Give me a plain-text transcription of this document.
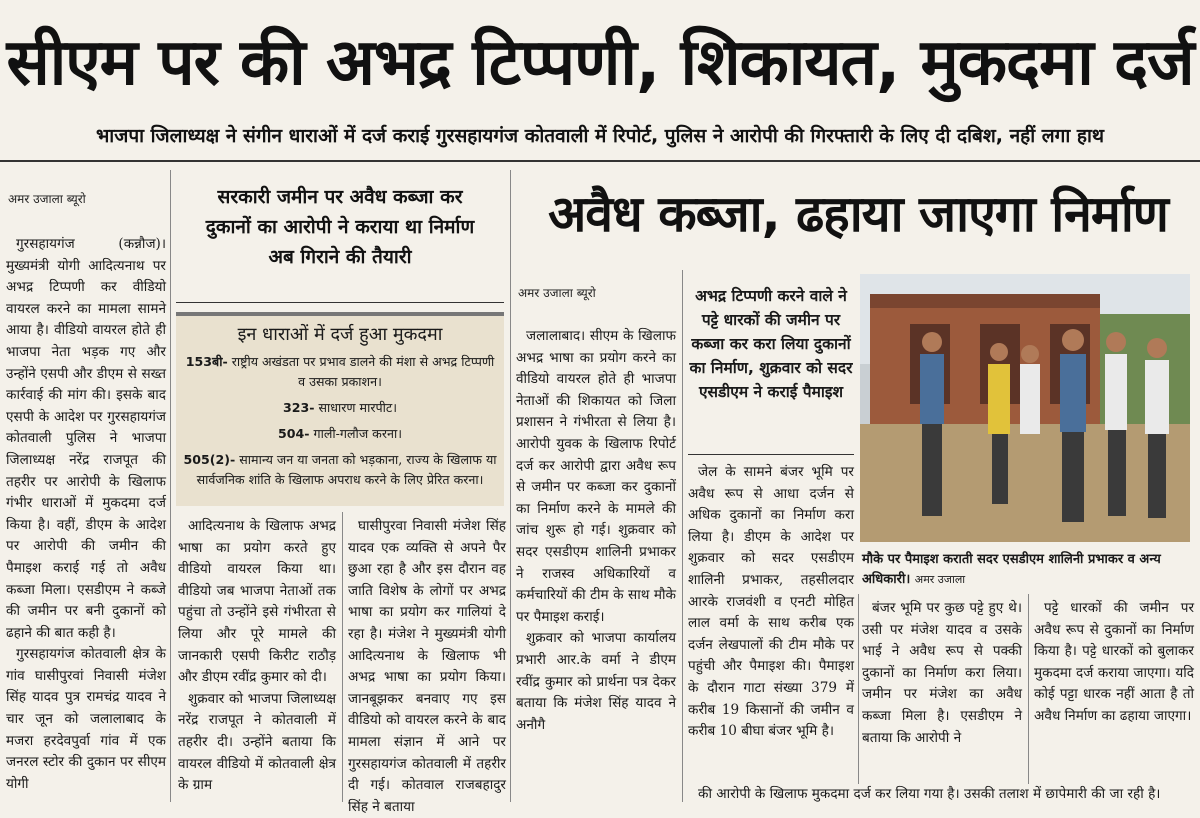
सीएम पर की अभद्र टिप्पणी, शिकायत, मुकदमा दर्ज
भाजपा जिलाध्यक्ष ने संगीन धाराओं में दर्ज कराई गुरसहायगंज कोतवाली में रिपोर्ट, पुलिस ने आरोपी की गिरफ्तारी के लिए दी दबिश, नहीं लगा हाथ
अमर उजाला ब्यूरो

गुरसहायगंज (कन्नौज)। मुख्यमंत्री योगी आदित्यनाथ पर अभद्र टिप्पणी कर वीडियो वायरल करने का मामला सामने आया है। वीडियो वायरल होते ही भाजपा नेता भड़क गए और उन्होंने एसपी और डीएम से सख्त कार्रवाई की मांग की। इसके बाद एसपी के आदेश पर गुरसहायगंज कोतवाली पुलिस ने भाजपा जिलाध्यक्ष नरेंद्र राजपूत की तहरीर पर आरोपी के खिलाफ गंभीर धाराओं में मुकदमा दर्ज किया है। वहीं, डीएम के आदेश पर आरोपी की जमीन की पैमाइश कराई गई तो अवैध कब्जा मिला। एसडीएम ने कब्जे की जमीन पर बनी दुकानों को ढहाने की बात कही है।

गुरसहायगंज कोतवाली क्षेत्र के गांव घासीपुरवां निवासी मंजेश सिंह यादव पुत्र रामचंद्र यादव ने चार जून को जलालाबाद के मजरा हरदेवपुर्वा गांव में एक जनरल स्टोर की दुकान पर सीएम योगी

सरकारी जमीन पर अवैध कब्जा कर
दुकानों का आरोपी ने कराया था निर्माण
अब गिराने की तैयारी
इन धाराओं में दर्ज हुआ मुकदमा
153बी- राष्ट्रीय अखंडता पर प्रभाव डालने की मंशा से अभद्र टिप्पणी व उसका प्रकाशन।
323- साधारण मारपीट।
504- गाली-गलौज करना।
505(2)- सामान्य जन या जनता को भड़काना, राज्य के खिलाफ या सार्वजनिक शांति के खिलाफ अपराध करने के लिए प्रेरित करना।

आदित्यनाथ के खिलाफ अभद्र भाषा का प्रयोग करते हुए वीडियो वायरल किया था। वीडियो जब भाजपा नेताओं तक पहुंचा तो उन्होंने इसे गंभीरता से लिया और पूरे मामले की जानकारी एसपी किरीट राठौड़ और डीएम रवींद्र कुमार को दी।

शुक्रवार को भाजपा जिलाध्यक्ष नरेंद्र राजपूत ने कोतवाली में तहरीर दी। उन्होंने बताया कि वायरल वीडियो में कोतवाली क्षेत्र के ग्राम

घासीपुरवा निवासी मंजेश सिंह यादव एक व्यक्ति से अपने पैर छुआ रहा है और इस दौरान वह जाति विशेष के लोगों पर अभद्र भाषा का प्रयोग कर गालियां दे रहा है। मंजेश ने मुख्यमंत्री योगी आदित्यनाथ के खिलाफ भी अभद्र भाषा का प्रयोग किया। जानबूझकर बनवाए गए इस वीडियो को वायरल करने के बाद मामला संज्ञान में आने पर गुरसहायगंज कोतवाली में तहरीर दी गई। कोतवाल राजबहादुर सिंह ने बताया

अवैध कब्जा, ढहाया जाएगा निर्माण
अमर उजाला ब्यूरो

जलालाबाद। सीएम के खिलाफ अभद्र भाषा का प्रयोग करने का वीडियो वायरल होते ही भाजपा नेताओं की शिकायत को जिला प्रशासन ने गंभीरता से लिया है। आरोपी युवक के खिलाफ रिपोर्ट दर्ज कर आरोपी द्वारा अवैध रूप से जमीन पर कब्जा कर दुकानों का निर्माण करने के मामले की जांच शुरू हो गई। शुक्रवार को सदर एसडीएम शालिनी प्रभाकर ने राजस्व अधिकारियों व कर्मचारियों की टीम के साथ मौके पर पैमाइश कराई।

शुक्रवार को भाजपा कार्यालय प्रभारी आर.के वर्मा ने डीएम रवींद्र कुमार को प्रार्थना पत्र देकर बताया कि मंजेश सिंह यादव ने अनौगै

अभद्र टिप्पणी करने वाले ने पट्टे धारकों की जमीन पर कब्जा कर करा लिया दुकानों का निर्माण, शुक्रवार को सदर एसडीएम ने कराई पैमाइश
मौके पर पैमाइश कराती सदर एसडीएम शालिनी प्रभाकर व अन्य अधिकारी। अमर उजाला

जेल के सामने बंजर भूमि पर अवैध रूप से आधा दर्जन से अधिक दुकानों का निर्माण करा लिया है। डीएम के आदेश पर शुक्रवार को सदर एसडीएम शालिनी प्रभाकर, तहसीलदार आरके राजवंशी व एनटी मोहित लाल वर्मा के साथ करीब एक दर्जन लेखपालों की टीम मौके पर पहुंची और पैमाइश की। पैमाइश के दौरान गाटा संख्या 379 में करीब 19 किसानों की जमीन व करीब 10 बीघा बंजर भूमि है।

बंजर भूमि पर कुछ पट्टे हुए थे। उसी पर मंजेश यादव व उसके भाई ने अवैध रूप से पक्की दुकानों का निर्माण करा लिया। जमीन पर मंजेश का अवैध कब्जा मिला है। एसडीएम ने बताया कि आरोपी ने

पट्टे धारकों की जमीन पर अवैध रूप से दुकानों का निर्माण किया है। पट्टे धारकों को बुलाकर मुकदमा दर्ज कराया जाएगा। यदि कोई पट्टा धारक नहीं आता है तो अवैध निर्माण का ढहाया जाएगा।

की आरोपी के खिलाफ मुकदमा दर्ज कर लिया गया है। उसकी तलाश में छापेमारी की जा रही है।
